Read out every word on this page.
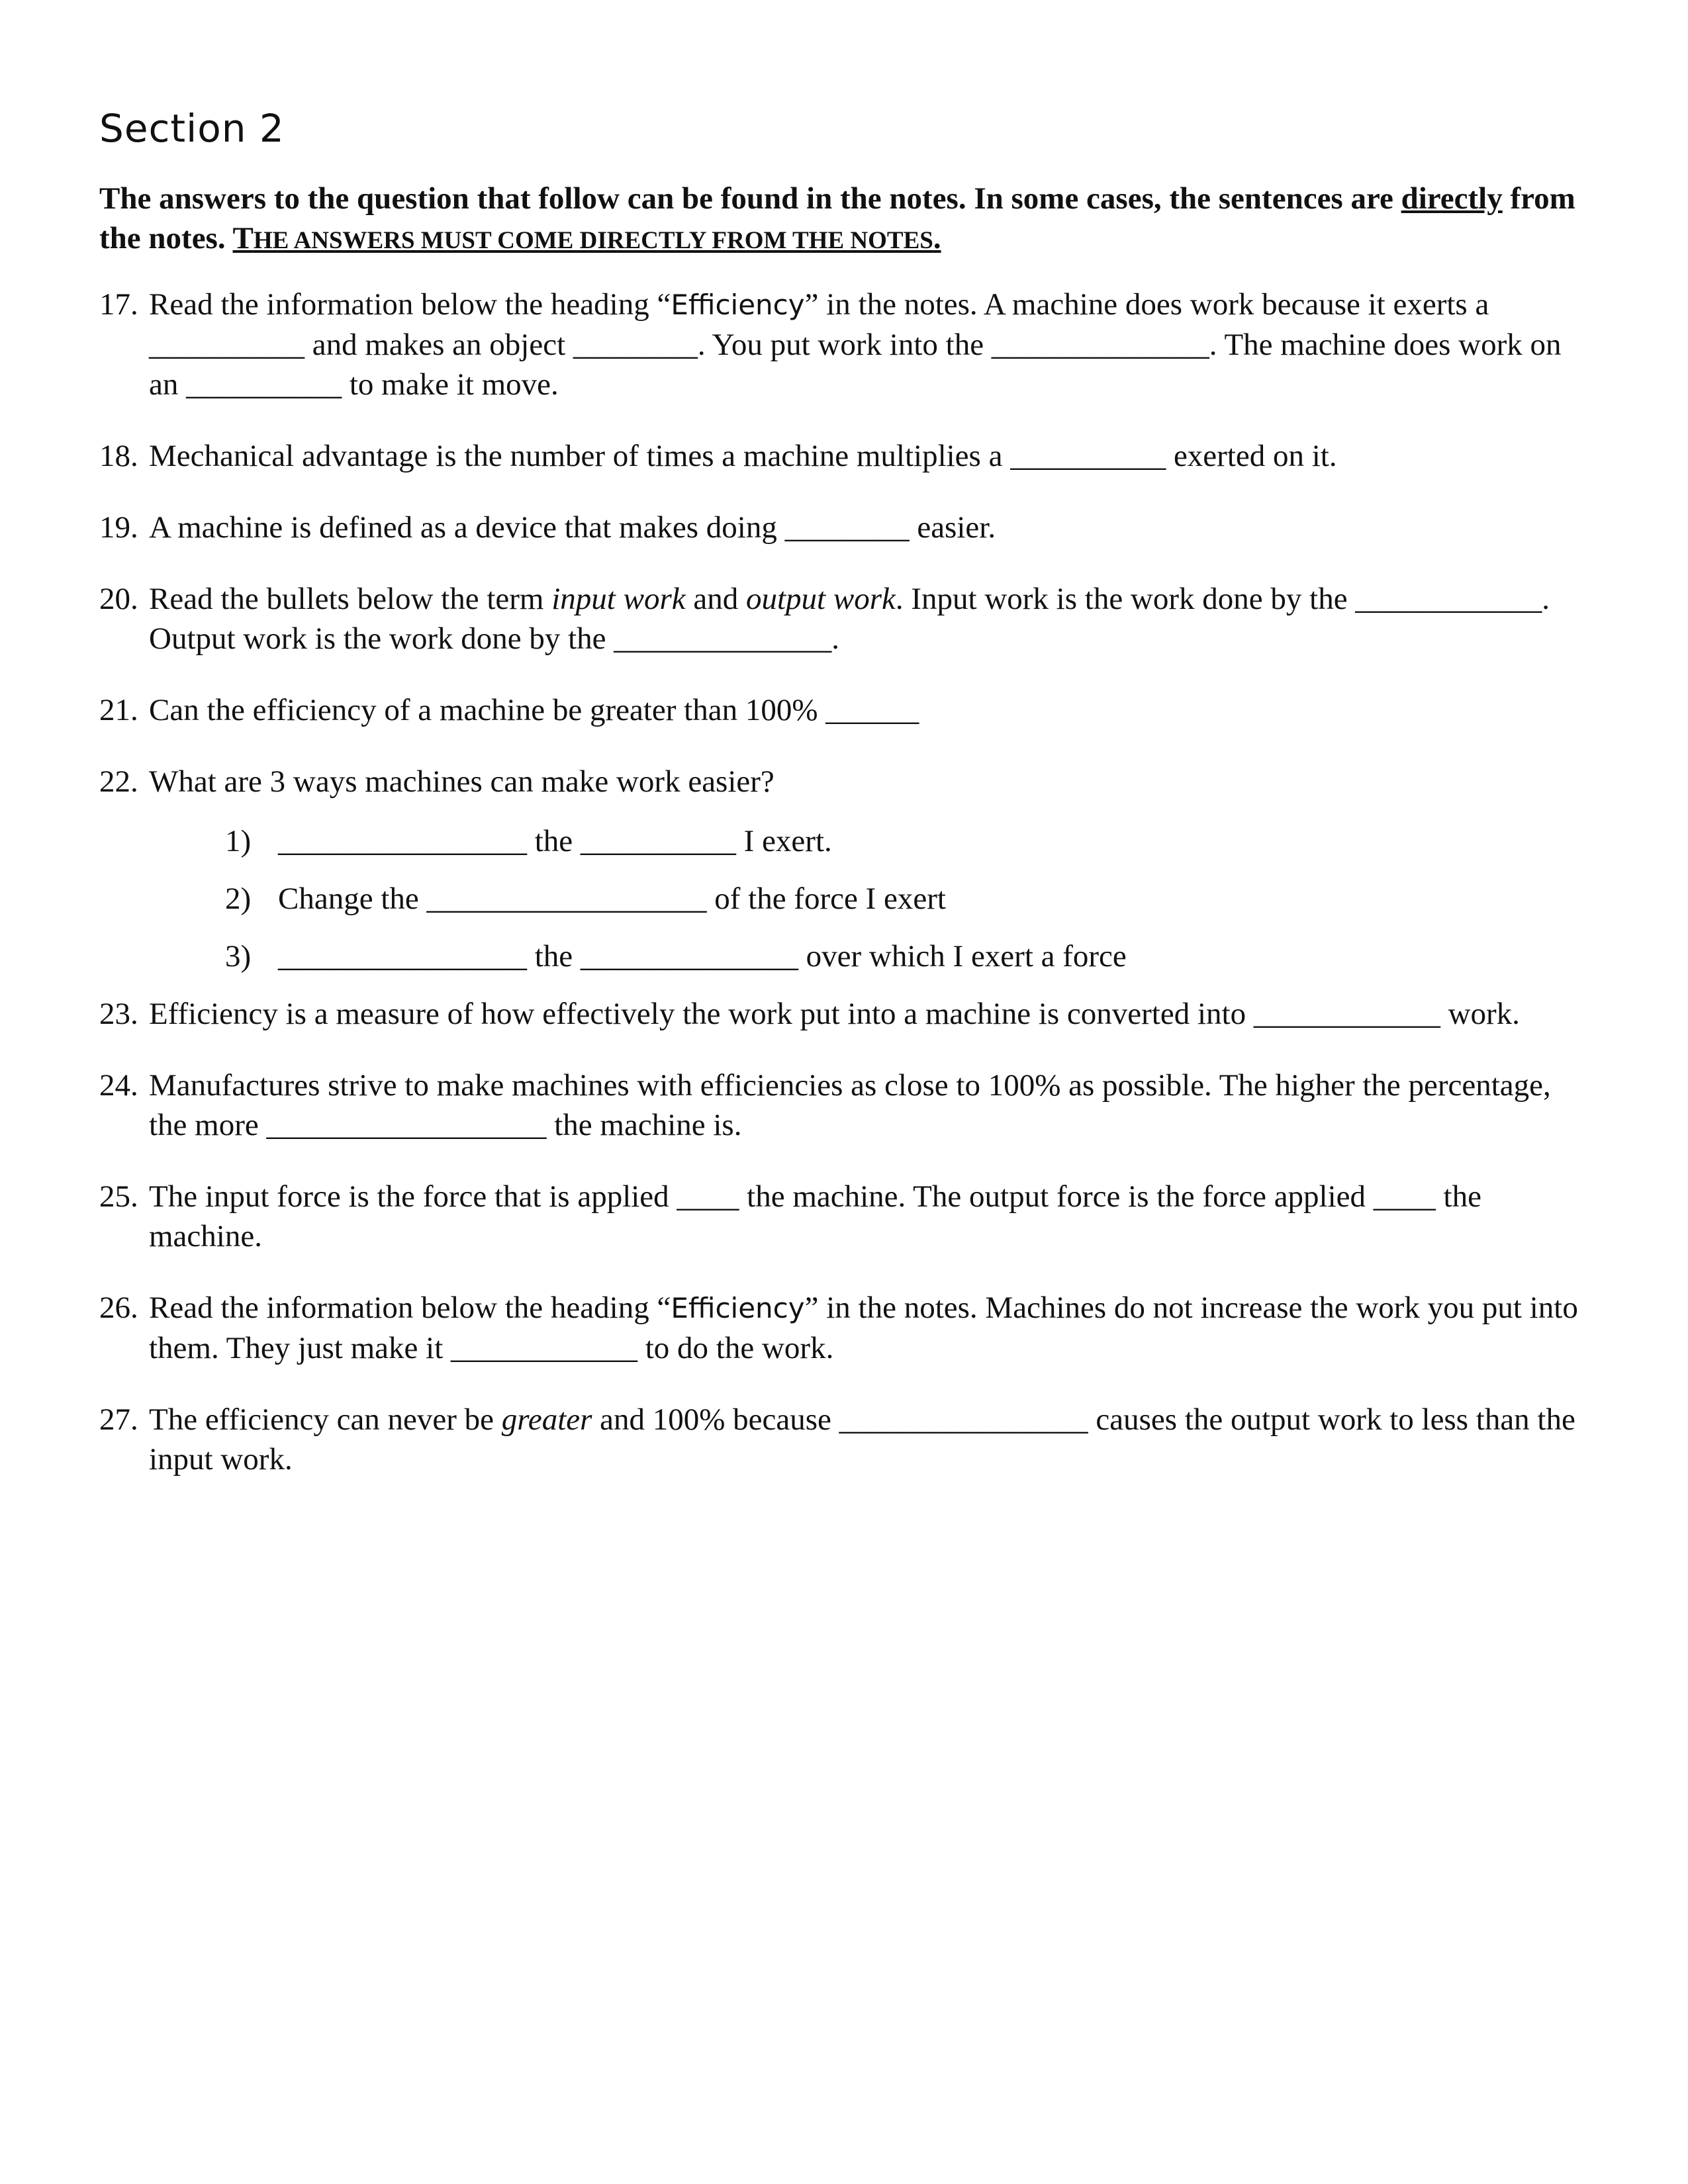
Section 2
The answers to the question that follow can be found in the notes. In some cases, the sentences are directly from the notes. THE ANSWERS MUST COME DIRECTLY FROM THE NOTES.
17. Read the information below the heading “Efficiency” in the notes. A machine does work because it exerts a __________ and makes an object ________. You put work into the ______________. The machine does work on an __________ to make it move.
18. Mechanical advantage is the number of times a machine multiplies a __________ exerted on it.
19. A machine is defined as a device that makes doing ________ easier.
20. Read the bullets below the term input work and output work. Input work is the work done by the ____________. Output work is the work done by the ______________.
21. Can the efficiency of a machine be greater than 100% ______
22. What are 3 ways machines can make work easier?
1) ________________ the __________ I exert.
2) Change the __________________ of the force I exert
3) ________________ the ______________ over which I exert a force
23. Efficiency is a measure of how effectively the work put into a machine is converted into ____________ work.
24. Manufactures strive to make machines with efficiencies as close to 100% as possible. The higher the percentage, the more __________________ the machine is.
25. The input force is the force that is applied ____ the machine. The output force is the force applied ____ the machine.
26. Read the information below the heading “Efficiency” in the notes. Machines do not increase the work you put into them. They just make it ____________ to do the work.
27. The efficiency can never be greater and 100% because ________________ causes the output work to less than the input work.
